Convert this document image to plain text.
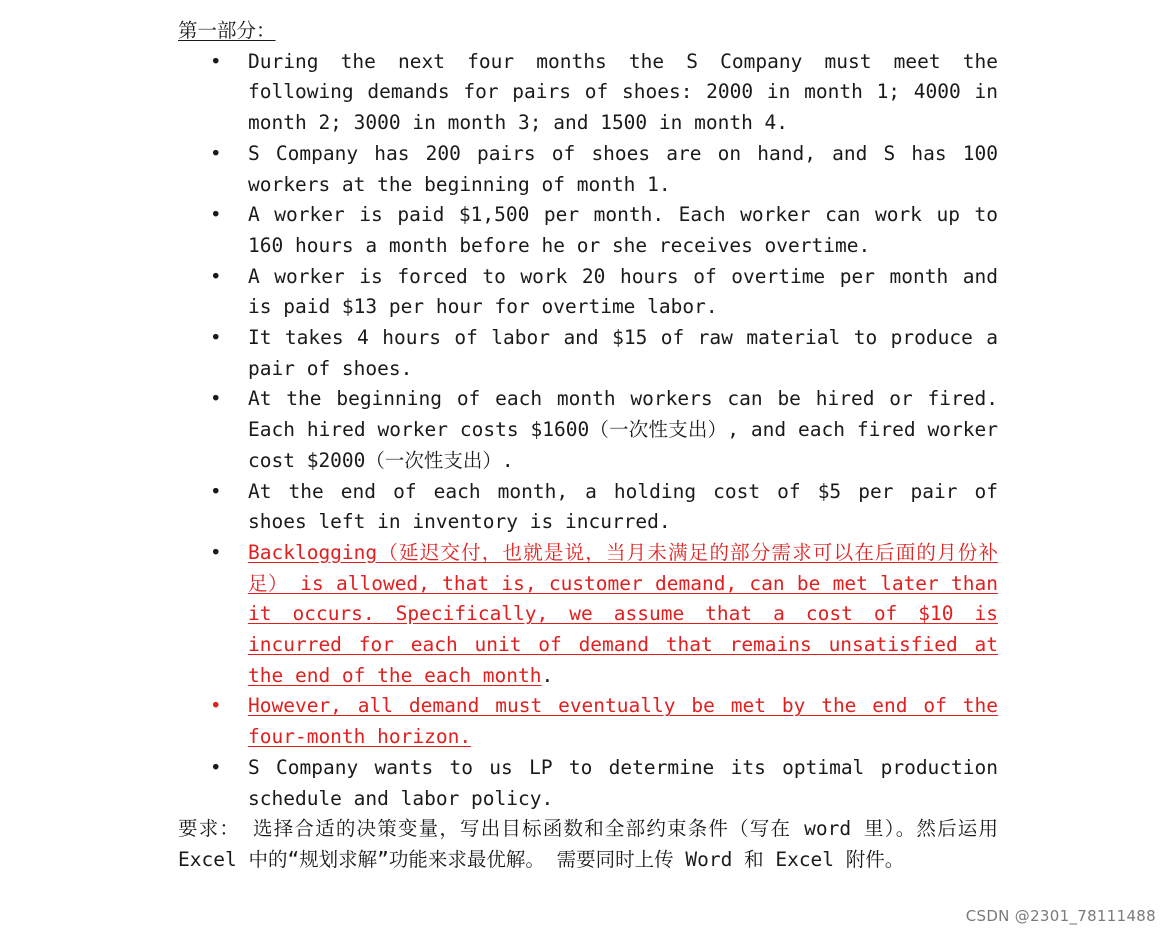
第一部分：
• During the next four months the S Company must meet the following demands for pairs of shoes: 2000 in month 1; 4000 in month 2; 3000 in month 3; and 1500 in month 4.
• S Company has 200 pairs of shoes are on hand, and S has 100 workers at the beginning of month 1.
• A worker is paid $1,500 per month. Each worker can work up to 160 hours a month before he or she receives overtime.
• A worker is forced to work 20 hours of overtime per month and is paid $13 per hour for overtime labor.
• It takes 4 hours of labor and $15 of raw material to produce a pair of shoes.
• At the beginning of each month workers can be hired or fired. Each hired worker costs $1600（一次性支出）, and each fired worker cost $2000（一次性支出）.
• At the end of each month, a holding cost of $5 per pair of shoes left in inventory is incurred.
• Backlogging（延迟交付，也就是说，当月未满足的部分需求可以在后面的月份补足） is allowed, that is, customer demand, can be met later than it occurs. Specifically, we assume that a cost of $10 is incurred for each unit of demand that remains unsatisfied at the end of the each month.
• However, all demand must eventually be met by the end of the four-month horizon.
• S Company wants to us LP to determine its optimal production schedule and labor policy.
要求： 选择合适的决策变量，写出目标函数和全部约束条件（写在 word 里）。然后运用 Excel 中的“规划求解”功能来求最优解。 需要同时上传 Word 和 Excel 附件。
CSDN @2301_78111488
